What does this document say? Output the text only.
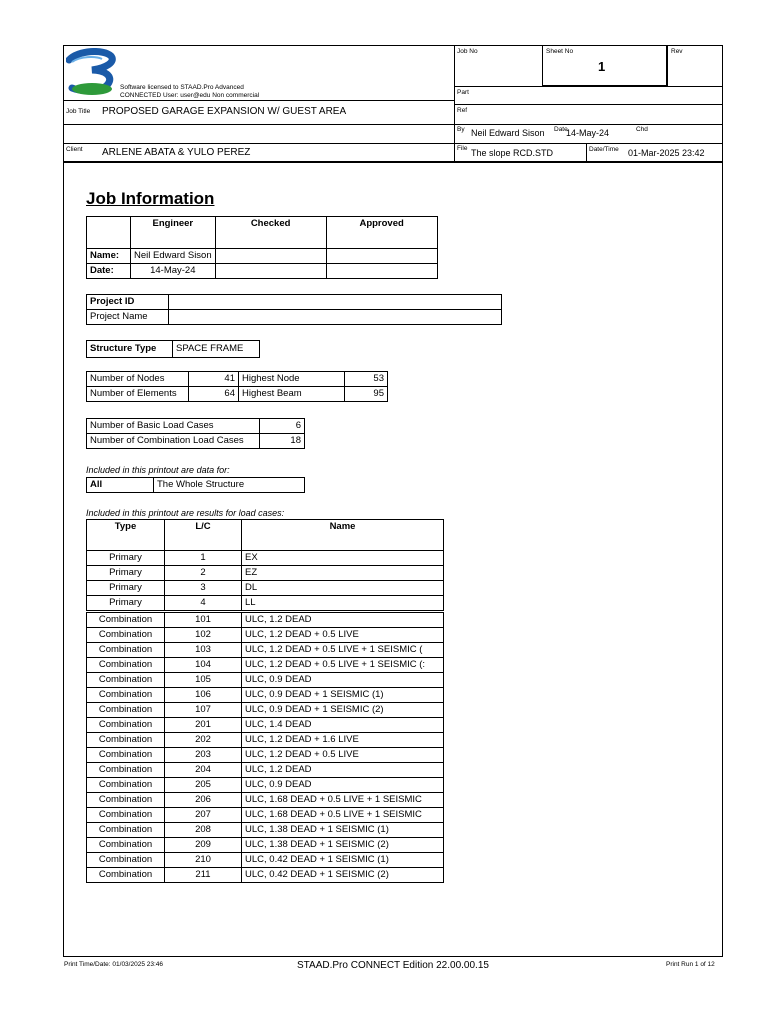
Software licensed to STAAD.Pro Advanced
CONNECTED User: user@edu Non commercial
Job Title PROPOSED GARAGE EXPANSION W/ GUEST AREA
Client ARLENE ABATA & YULO PEREZ
Job No	Sheet No
1
Rev
Part
Ref
By Neil Edward Sison Date
14-May-24	Chd
File The slope RCD.STD	Date/Time 01-Mar-2025 23:42
Job Information
	Engineer	Checked	Approved
Name:	Neil Edward Sison		
Date:	14-May-24		
Project ID	
Project Name	
Structure Type	SPACE FRAME
Number of Nodes	41	Highest Node	53
Number of Elements	64	Highest Beam	95
Number of Basic Load Cases	6
Number of Combination Load Cases	18
Included in this printout are data for:
All	The Whole Structure
Included in this printout are results for load cases:
Type	L/C	Name
Primary	1	EX
Primary	2	EZ
Primary	3	DL
Primary	4	LL
Combination	101	ULC, 1.2 DEAD
Combination	102	ULC, 1.2 DEAD + 0.5 LIVE
Combination	103	ULC, 1.2 DEAD + 0.5 LIVE + 1 SEISMIC (
Combination	104	ULC, 1.2 DEAD + 0.5 LIVE + 1 SEISMIC (:
Combination	105	ULC, 0.9 DEAD
Combination	106	ULC, 0.9 DEAD + 1 SEISMIC (1)
Combination	107	ULC, 0.9 DEAD + 1 SEISMIC (2)
Combination	201	ULC, 1.4 DEAD
Combination	202	ULC, 1.2 DEAD + 1.6 LIVE
Combination	203	ULC, 1.2 DEAD + 0.5 LIVE
Combination	204	ULC, 1.2 DEAD
Combination	205	ULC, 0.9 DEAD
Combination	206	ULC, 1.68 DEAD + 0.5 LIVE + 1 SEISMIC
Combination	207	ULC, 1.68 DEAD + 0.5 LIVE + 1 SEISMIC
Combination	208	ULC, 1.38 DEAD + 1 SEISMIC (1)
Combination	209	ULC, 1.38 DEAD + 1 SEISMIC (2)
Combination	210	ULC, 0.42 DEAD + 1 SEISMIC (1)
Combination	211	ULC, 0.42 DEAD + 1 SEISMIC (2)
Print Time/Date: 01/03/2025 23:46	STAAD.Pro CONNECT Edition 22.00.00.15	Print Run 1 of 12
